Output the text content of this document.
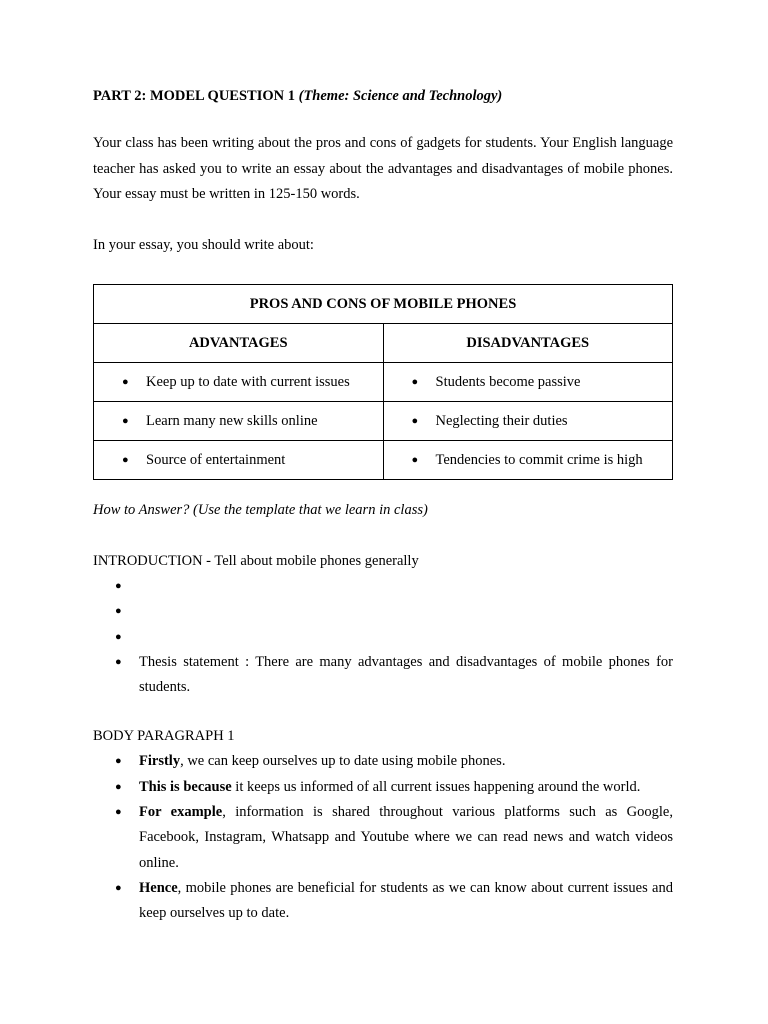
PART 2: MODEL QUESTION 1 (Theme: Science and Technology)

Your class has been writing about the pros and cons of gadgets for students. Your English language teacher has asked you to write an essay about the advantages and disadvantages of mobile phones. Your essay must be written in 125-150 words.

In your essay, you should write about:

PROS AND CONS OF MOBILE PHONES	
ADVANTAGES	DISADVANTAGES

● Keep up to date with current issues	● Students become passive

● Learn many new skills online	● Neglecting their duties

● Source of entertainment	● Tendencies to commit crime is high
How to Answer? (Use the template that we learn in class)
INTRODUCTION - Tell about mobile phones generally
●

●

●

● Thesis statement : There are many advantages and disadvantages of mobile phones for students.
BODY PARAGRAPH 1
● Firstly, we can keep ourselves up to date using mobile phones.
● This is because it keeps us informed of all current issues happening around the world.
● For example, information is shared throughout various platforms such as Google, Facebook, Instagram, Whatsapp and Youtube where we can read news and watch videos online.
● Hence, mobile phones are beneficial for students as we can know about current issues and keep ourselves up to date.
